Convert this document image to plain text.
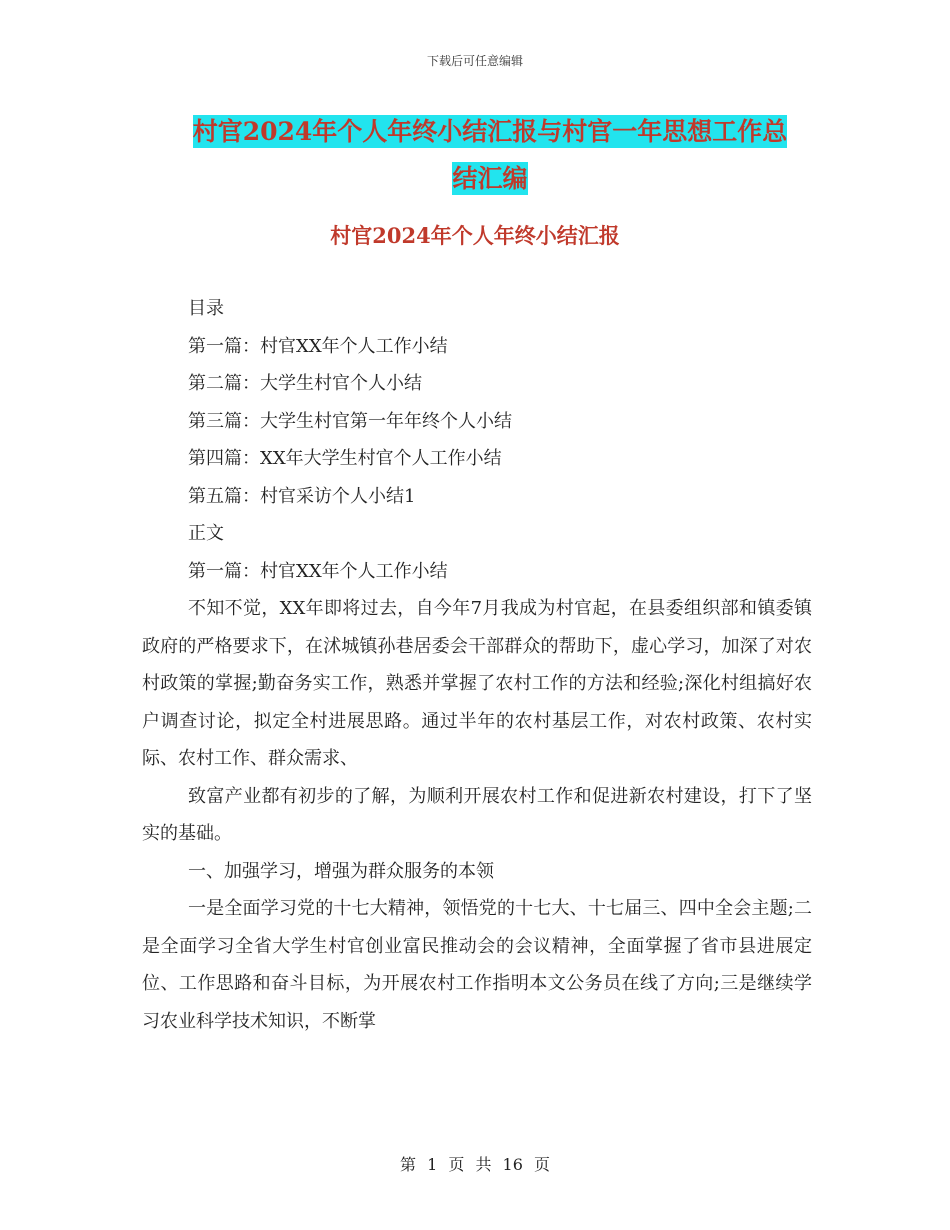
下载后可任意编辑
村官2024年个人年终小结汇报与村官一年思想工作总
结汇编
村官2024年个人年终小结汇报
目录
第一篇：村官XX年个人工作小结
第二篇：大学生村官个人小结
第三篇：大学生村官第一年年终个人小结
第四篇：XX年大学生村官个人工作小结
第五篇：村官采访个人小结1
正文
第一篇：村官XX年个人工作小结
不知不觉，XX年即将过去，自今年7月我成为村官起，在县委组织部和镇委镇政府的严格要求下，在沭城镇孙巷居委会干部群众的帮助下，虚心学习，加深了对农村政策的掌握;勤奋务实工作，熟悉并掌握了农村工作的方法和经验;深化村组搞好农户调查讨论，拟定全村进展思路。通过半年的农村基层工作，对农村政策、农村实际、农村工作、群众需求、
致富产业都有初步的了解，为顺利开展农村工作和促进新农村建设，打下了坚实的基础。
一、加强学习，增强为群众服务的本领
一是全面学习党的十七大精神，领悟党的十七大、十七届三、四中全会主题;二是全面学习全省大学生村官创业富民推动会的会议精神，全面掌握了省市县进展定位、工作思路和奋斗目标，为开展农村工作指明本文公务员在线了方向;三是继续学习农业科学技术知识，不断掌
第 1 页 共 16 页
